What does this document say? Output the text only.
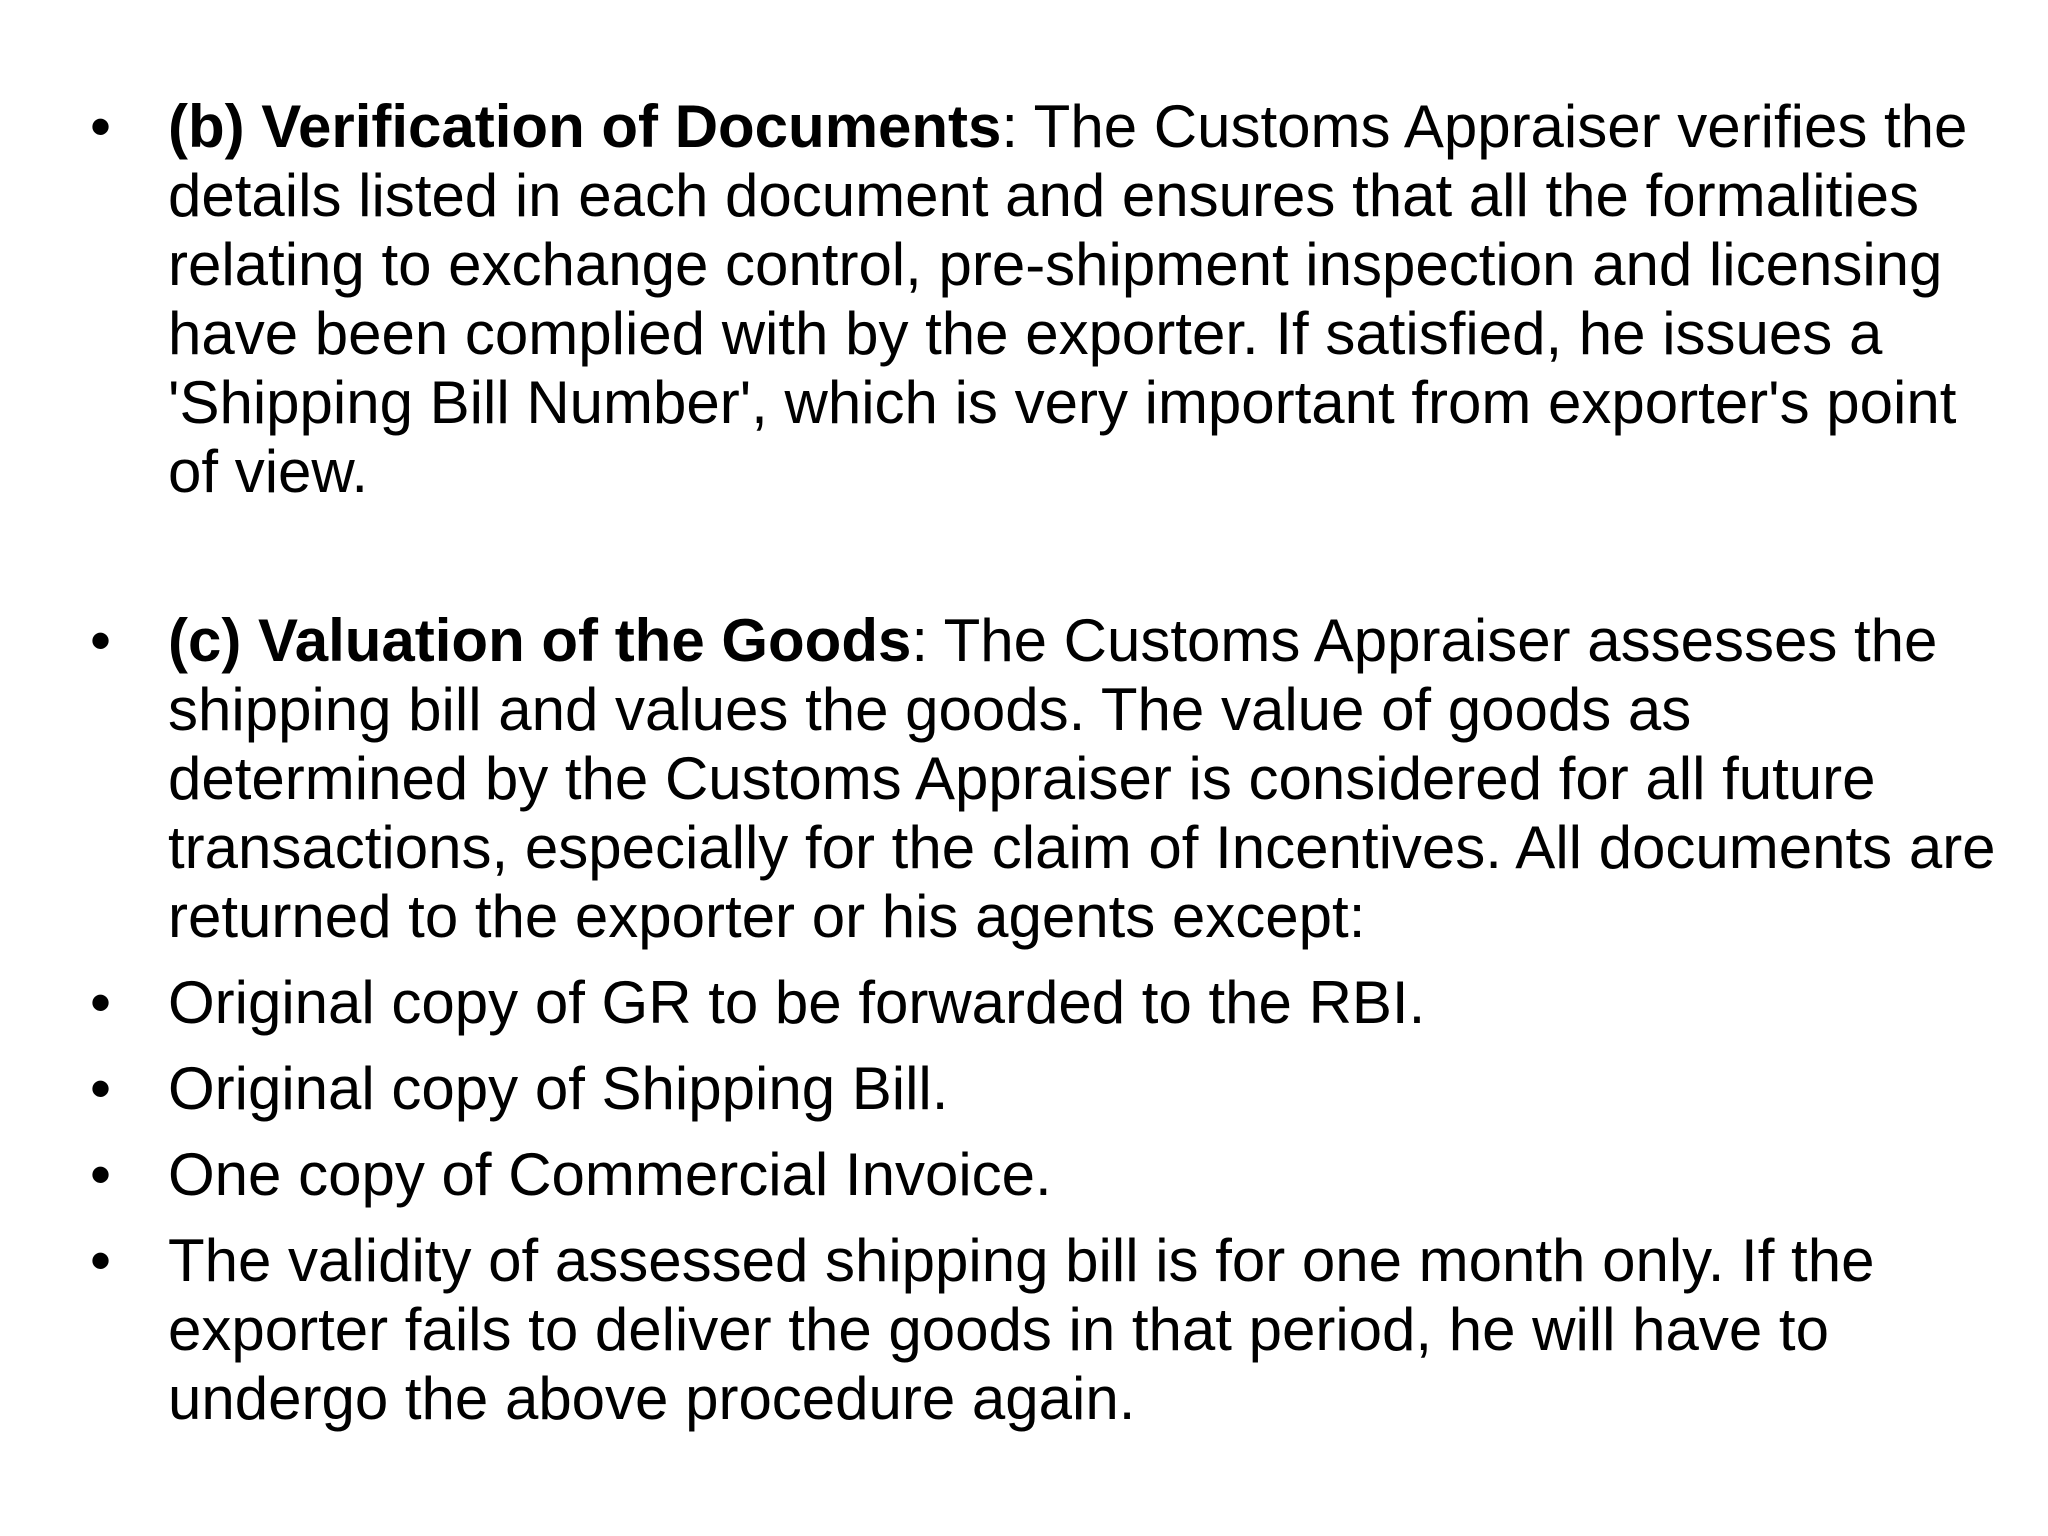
• (b) Verification of Documents: The Customs Appraiser verifies the details listed in each document and ensures that all the formalities relating to exchange control, pre-shipment inspection and licensing have been complied with by the exporter. If satisfied, he issues a 'Shipping Bill Number', which is very important from exporter's point of view.
• (c) Valuation of the Goods: The Customs Appraiser assesses the shipping bill and values the goods. The value of goods as determined by the Customs Appraiser is considered for all future transactions, especially for the claim of Incentives. All documents are returned to the exporter or his agents except:
• Original copy of GR to be forwarded to the RBI.
• Original copy of Shipping Bill.
• One copy of Commercial Invoice.
• The validity of assessed shipping bill is for one month only. If the exporter fails to deliver the goods in that period, he will have to undergo the above procedure again.
